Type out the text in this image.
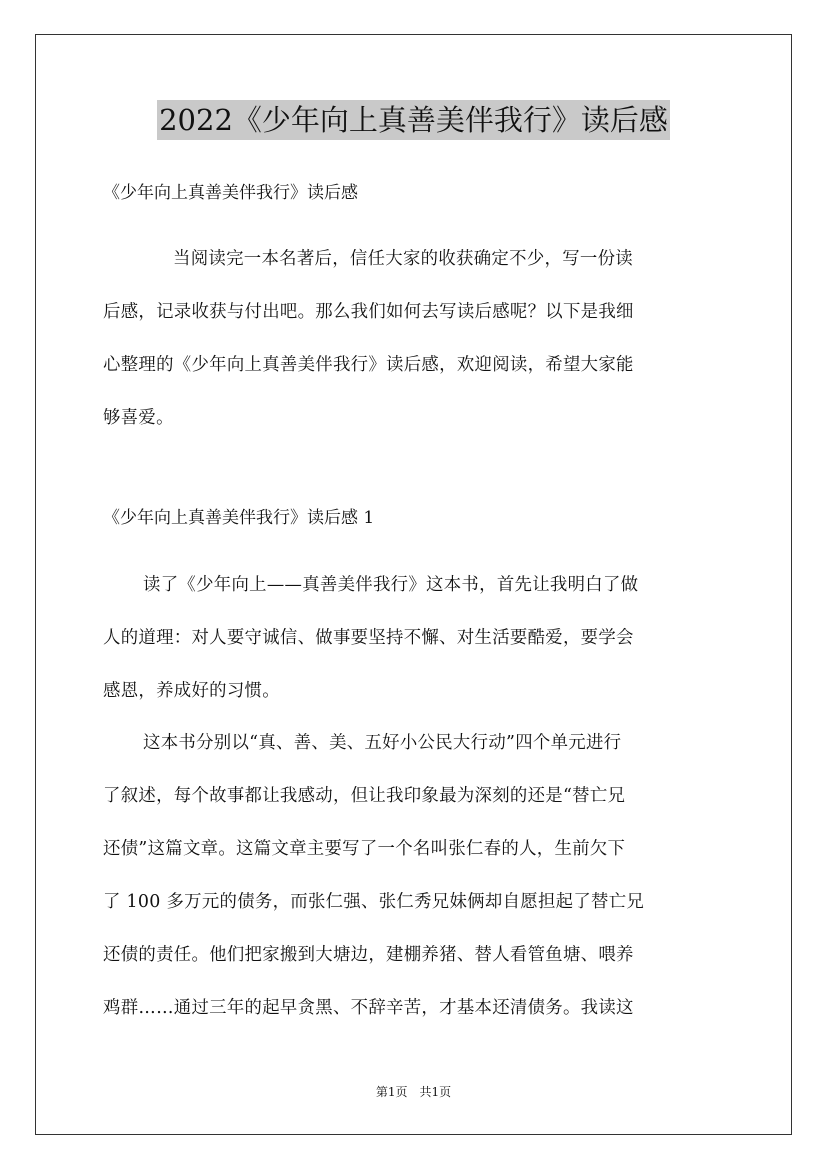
2022《少年向上真善美伴我行》读后感
《少年向上真善美伴我行》读后感
当阅读完一本名著后，信任大家的收获确定不少，写一份读
后感，记录收获与付出吧。那么我们如何去写读后感呢？以下是我细
心整理的《少年向上真善美伴我行》读后感，欢迎阅读，希望大家能
够喜爱。
《少年向上真善美伴我行》读后感 1
读了《少年向上——真善美伴我行》这本书，首先让我明白了做
人的道理：对人要守诚信、做事要坚持不懈、对生活要酷爱，要学会
感恩，养成好的习惯。
这本书分别以“真、善、美、五好小公民大行动”四个单元进行
了叙述，每个故事都让我感动，但让我印象最为深刻的还是“替亡兄
还债”这篇文章。这篇文章主要写了一个名叫张仁春的人，生前欠下
了 100 多万元的债务，而张仁强、张仁秀兄妹俩却自愿担起了替亡兄
还债的责任。他们把家搬到大塘边，建棚养猪、替人看管鱼塘、喂养
鸡群……通过三年的起早贪黑、不辞辛苦，才基本还清债务。我读这
第1页　共1页
